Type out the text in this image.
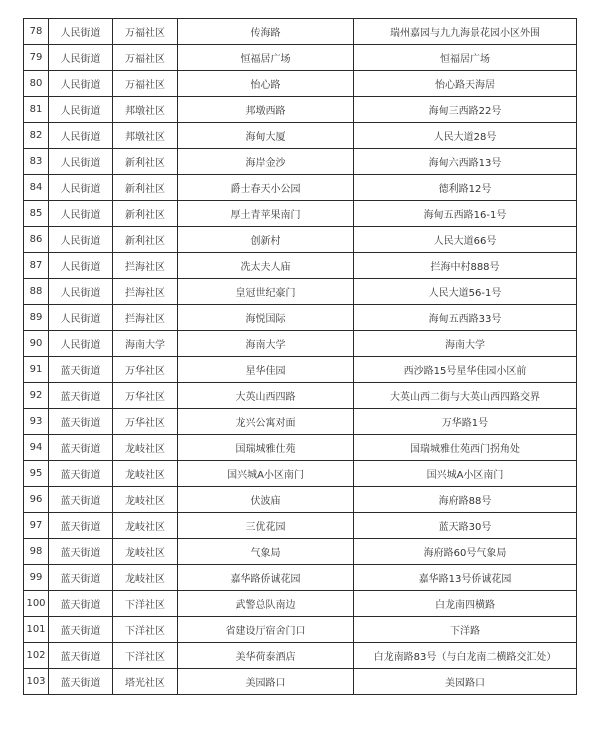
78	人民街道	万福社区	传海路	瑞州嘉园与九九海景花园小区外围
79	人民街道	万福社区	恒福居广场	恒福居广场
80	人民街道	万福社区	怡心路	怡心路天海居
81	人民街道	邦墩社区	邦墩西路	海甸三西路22号
82	人民街道	邦墩社区	海甸大厦	人民大道28号
83	人民街道	新利社区	海岸金沙	海甸六西路13号
84	人民街道	新利社区	爵士春天小公园	德利路12号
85	人民街道	新利社区	厚土青苹果南门	海甸五西路16-1号
86	人民街道	新利社区	创新村	人民大道66号
87	人民街道	拦海社区	冼太夫人庙	拦海中村888号
88	人民街道	拦海社区	皇冠世纪豪门	人民大道56-1号
89	人民街道	拦海社区	海悦国际	海甸五西路33号
90	人民街道	海南大学	海南大学	海南大学
91	蓝天街道	万华社区	星华佳园	西沙路15号星华佳园小区前
92	蓝天街道	万华社区	大英山西四路	大英山西二街与大英山西四路交界
93	蓝天街道	万华社区	龙兴公寓对面	万华路1号
94	蓝天街道	龙岐社区	国瑞城雅仕苑	国瑞城雅仕苑西门拐角处
95	蓝天街道	龙岐社区	国兴城A小区南门	国兴城A小区南门
96	蓝天街道	龙岐社区	伏波庙	海府路88号
97	蓝天街道	龙岐社区	三优花园	蓝天路30号
98	蓝天街道	龙岐社区	气象局	海府路60号气象局
99	蓝天街道	龙岐社区	嘉华路侨诚花园	嘉华路13号侨诚花园
100	蓝天街道	下洋社区	武警总队南边	白龙南四横路
101	蓝天街道	下洋社区	省建设厅宿舍门口	下洋路
102	蓝天街道	下洋社区	美华荷泰酒店	白龙南路83号（与白龙南二横路交汇处）
103	蓝天街道	塔光社区	美园路口	美园路口
